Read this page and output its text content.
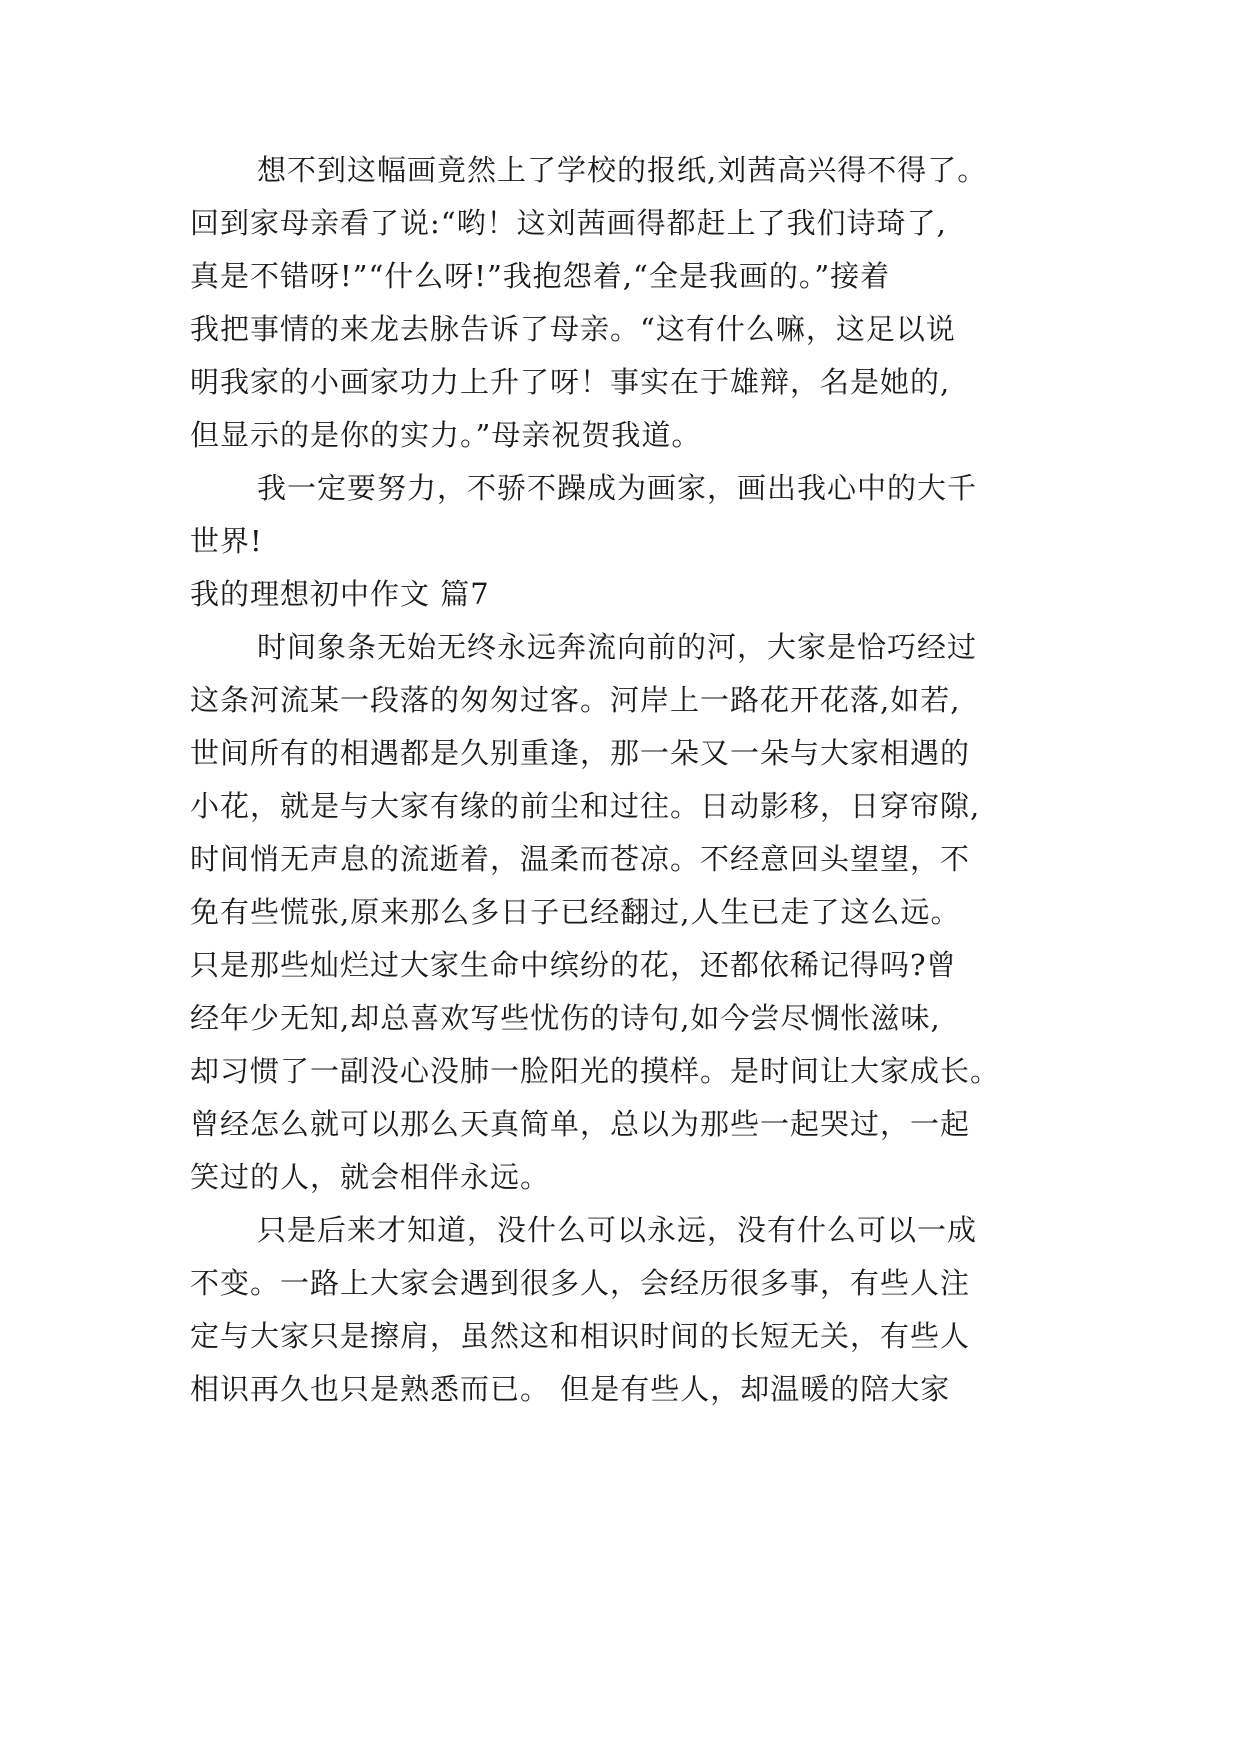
想不到这幅画竟然上了学校的报纸,刘茜高兴得不得了。
回到家母亲看了说:“哟！这刘茜画得都赶上了我们诗琦了,
真是不错呀!”“什么呀!”我抱怨着,“全是我画的。”接着
我把事情的来龙去脉告诉了母亲。“这有什么嘛，这足以说
明我家的小画家功力上升了呀！事实在于雄辩，名是她的,
但显示的是你的实力。”母亲祝贺我道。
我一定要努力，不骄不躁成为画家，画出我心中的大千
世界!
我的理想初中作文 篇7
时间象条无始无终永远奔流向前的河，大家是恰巧经过
这条河流某一段落的匆匆过客。河岸上一路花开花落,如若,
世间所有的相遇都是久别重逢，那一朵又一朵与大家相遇的
小花，就是与大家有缘的前尘和过往。日动影移，日穿帘隙,
时间悄无声息的流逝着，温柔而苍凉。不经意回头望望，不
免有些慌张,原来那么多日子已经翻过,人生已走了这么远。
只是那些灿烂过大家生命中缤纷的花，还都依稀记得吗?曾
经年少无知,却总喜欢写些忧伤的诗句,如今尝尽惆怅滋味,
却习惯了一副没心没肺一脸阳光的摸样。是时间让大家成长。
曾经怎么就可以那么天真简单，总以为那些一起哭过，一起
笑过的人，就会相伴永远。
只是后来才知道，没什么可以永远，没有什么可以一成
不变。一路上大家会遇到很多人，会经历很多事，有些人注
定与大家只是擦肩，虽然这和相识时间的长短无关，有些人
相识再久也只是熟悉而已。 但是有些人，却温暖的陪大家
